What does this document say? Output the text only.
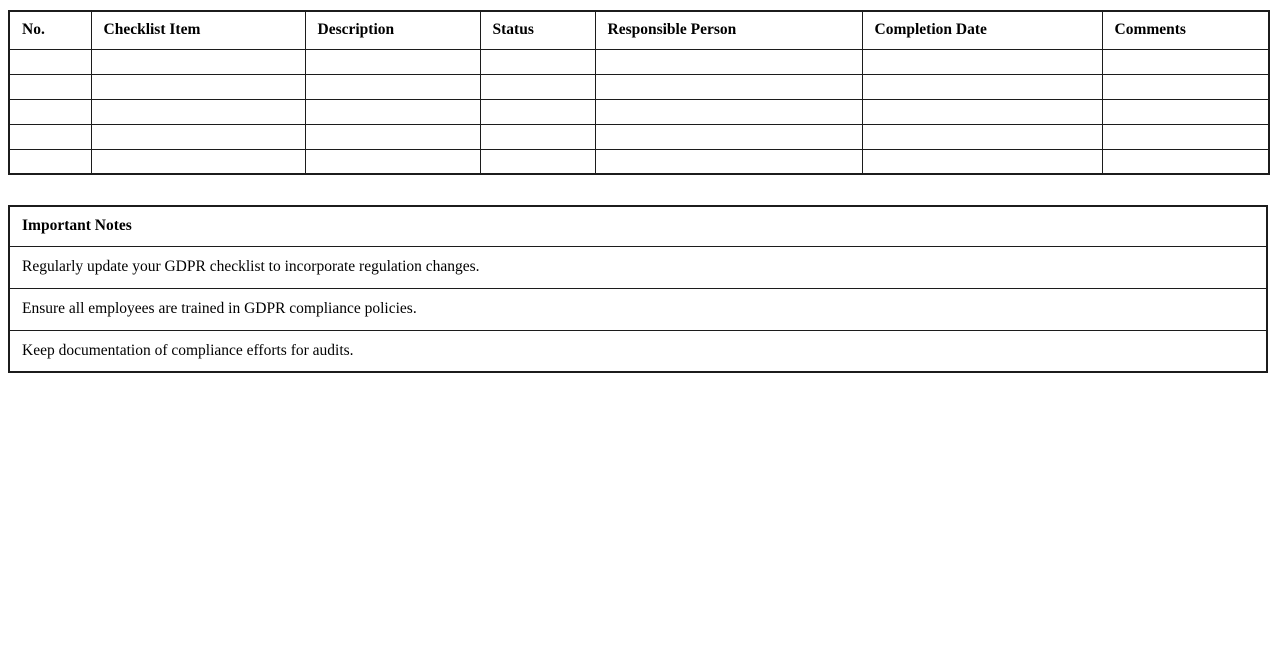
No.	Checklist Item	Description	Status	Responsible Person	Completion Date	Comments

Important Notes
Regularly update your GDPR checklist to incorporate regulation changes.
Ensure all employees are trained in GDPR compliance policies.
Keep documentation of compliance efforts for audits.
